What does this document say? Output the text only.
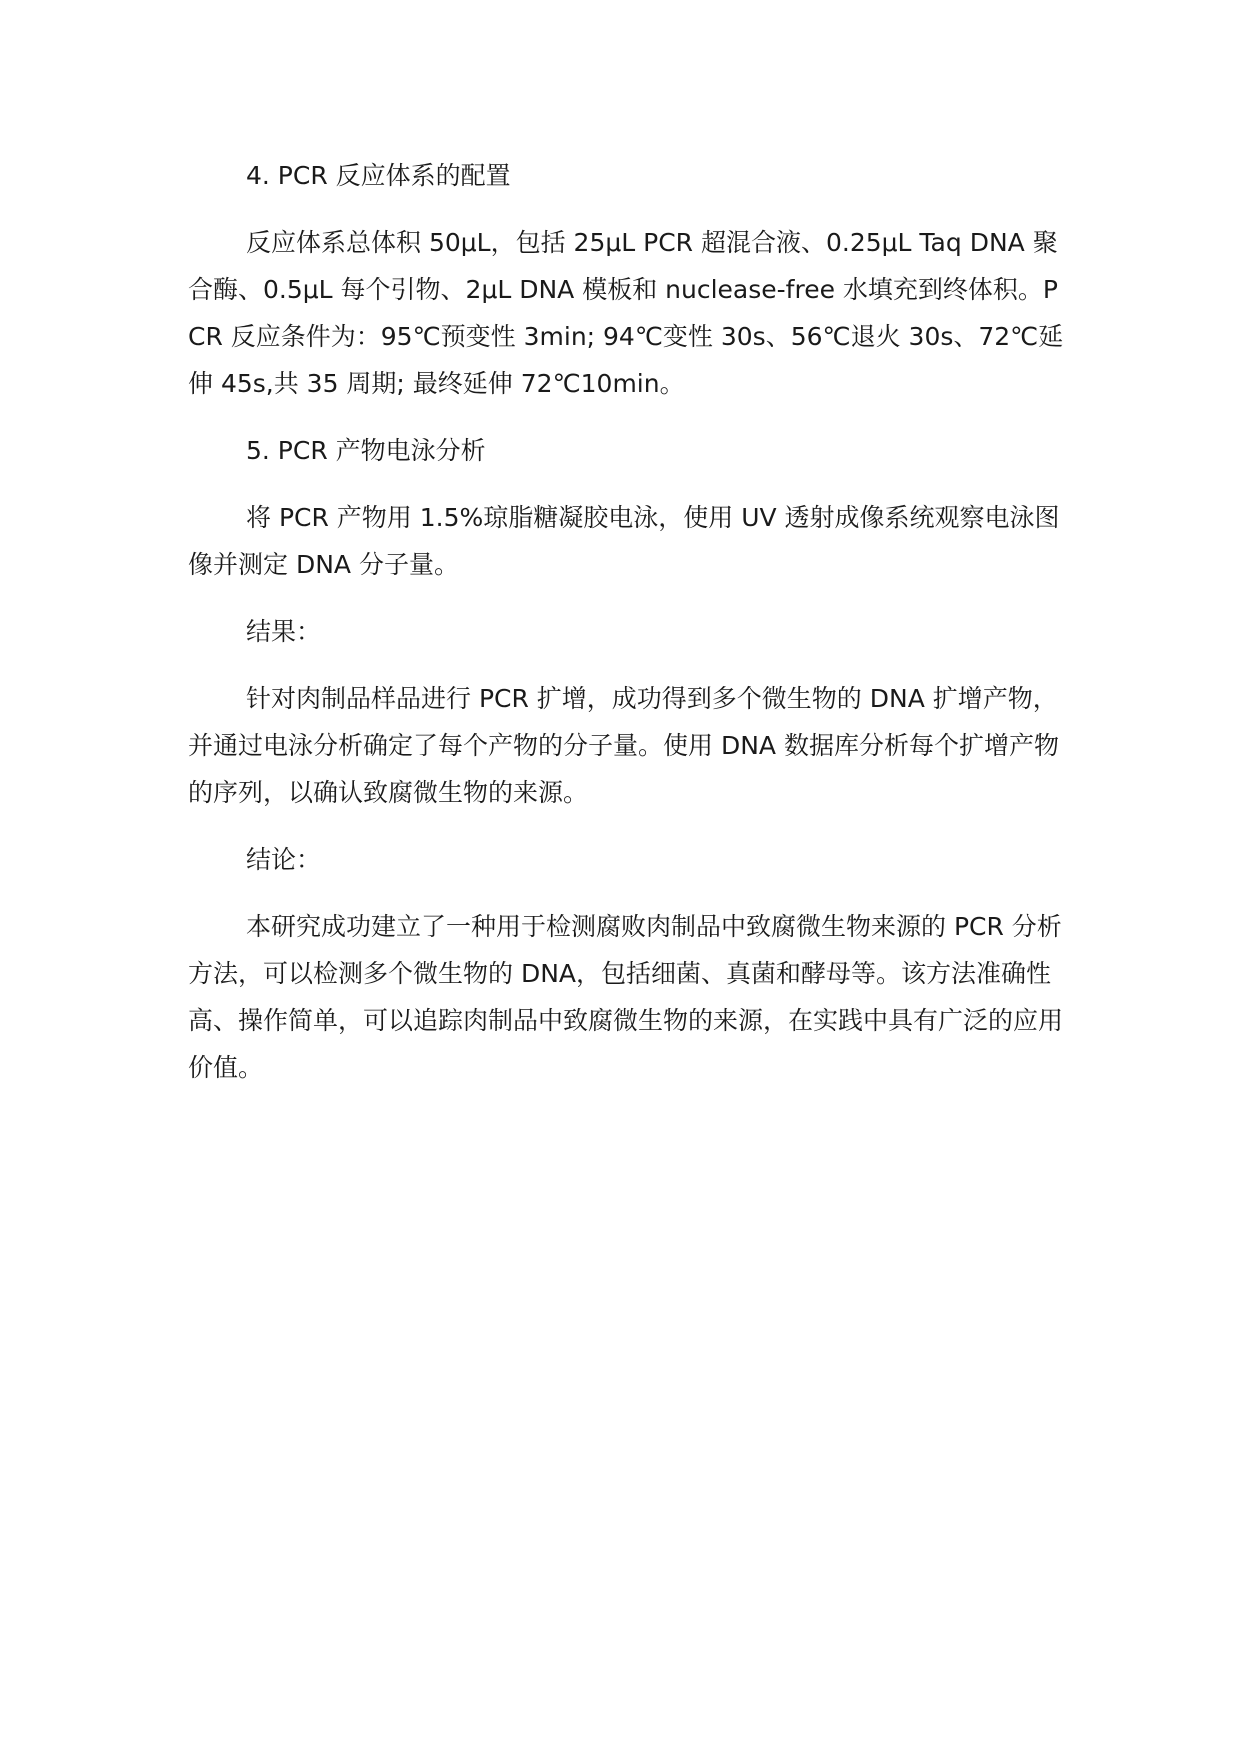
4. PCR 反应体系的配置

反应体系总体积 50μL，包括 25μL PCR 超混合液、0.25μL Taq DNA 聚合酶、0.5μL 每个引物、2μL DNA 模板和 nuclease-free 水填充到终体积。PCR 反应条件为：95℃预变性 3min; 94℃变性 30s、56℃退火 30s、72℃延伸 45s,共 35 周期; 最终延伸 72℃10min。

5. PCR 产物电泳分析

将 PCR 产物用 1.5%琼脂糖凝胶电泳，使用 UV 透射成像系统观察电泳图像并测定 DNA 分子量。

结果：

针对肉制品样品进行 PCR 扩增，成功得到多个微生物的 DNA 扩增产物，并通过电泳分析确定了每个产物的分子量。使用 DNA 数据库分析每个扩增产物的序列，以确认致腐微生物的来源。

结论：

本研究成功建立了一种用于检测腐败肉制品中致腐微生物来源的 PCR 分析方法，可以检测多个微生物的 DNA，包括细菌、真菌和酵母等。该方法准确性高、操作简单，可以追踪肉制品中致腐微生物的来源，在实践中具有广泛的应用价值。
